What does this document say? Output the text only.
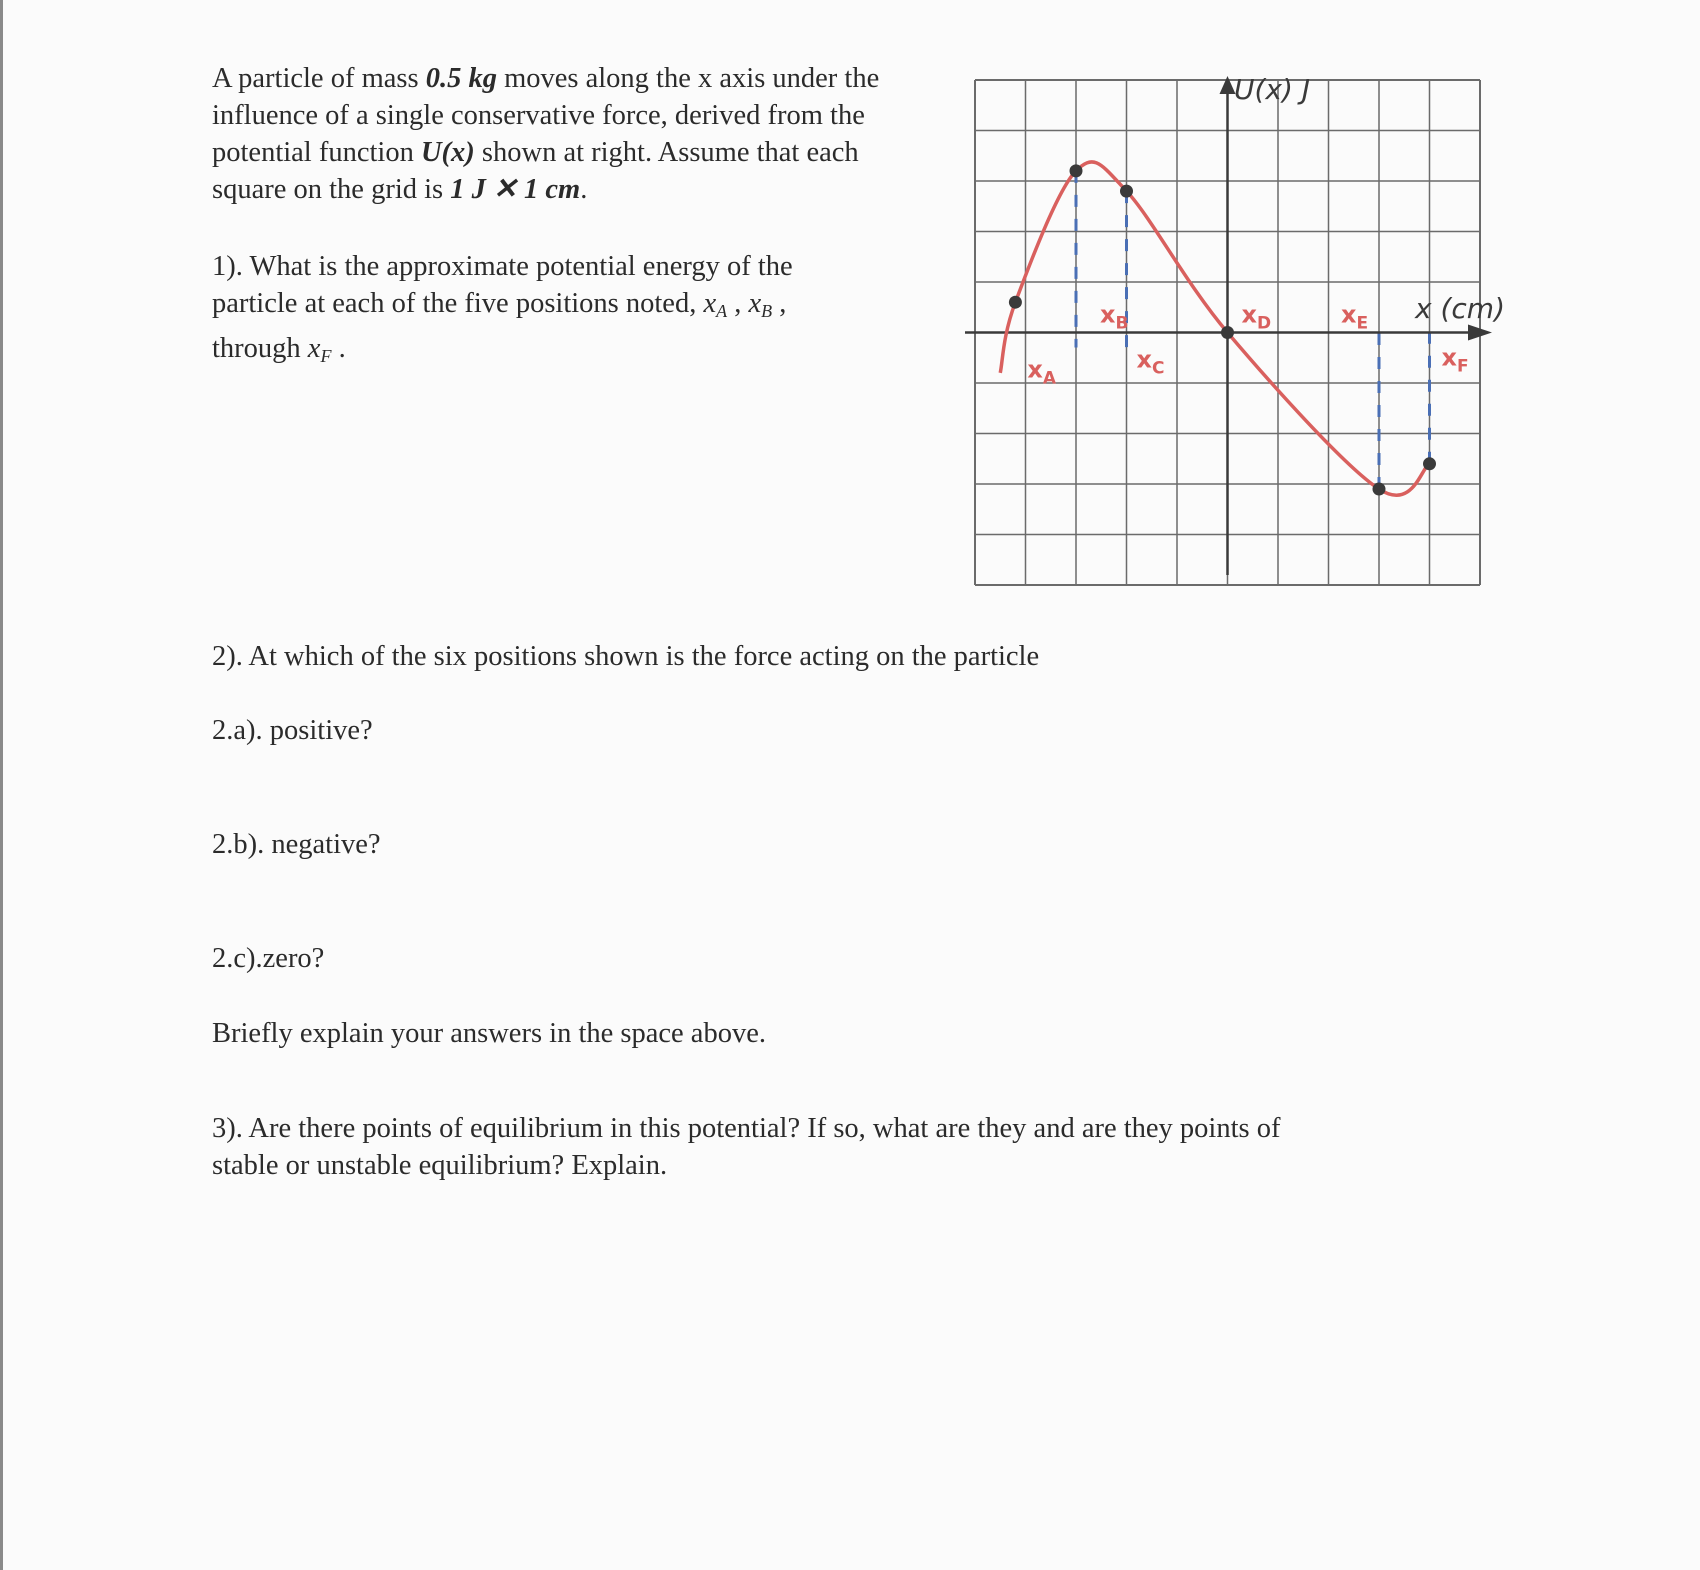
A particle of mass 0.5 kg moves along the x axis under the
influence of a single conservative force, derived from the
potential function U(x) shown at right. Assume that each
square on the grid is 1 J ✕ 1 cm.
1). What is the approximate potential energy of the
particle at each of the five positions noted, $x_A$ , $x_B$ ,
through $x_F$ .
$x_A$
$x_B$
$x_C$
$x_D$	$x_E$
$x_F$
U(x) J
x (cm)
2). At which of the six positions shown is the force acting on the particle
2.a). positive?
2.b). negative?
2.c).zero?
Briefly explain your answers in the space above.
3). Are there points of equilibrium in this potential? If so, what are they and are they points of
stable or unstable equilibrium? Explain.
